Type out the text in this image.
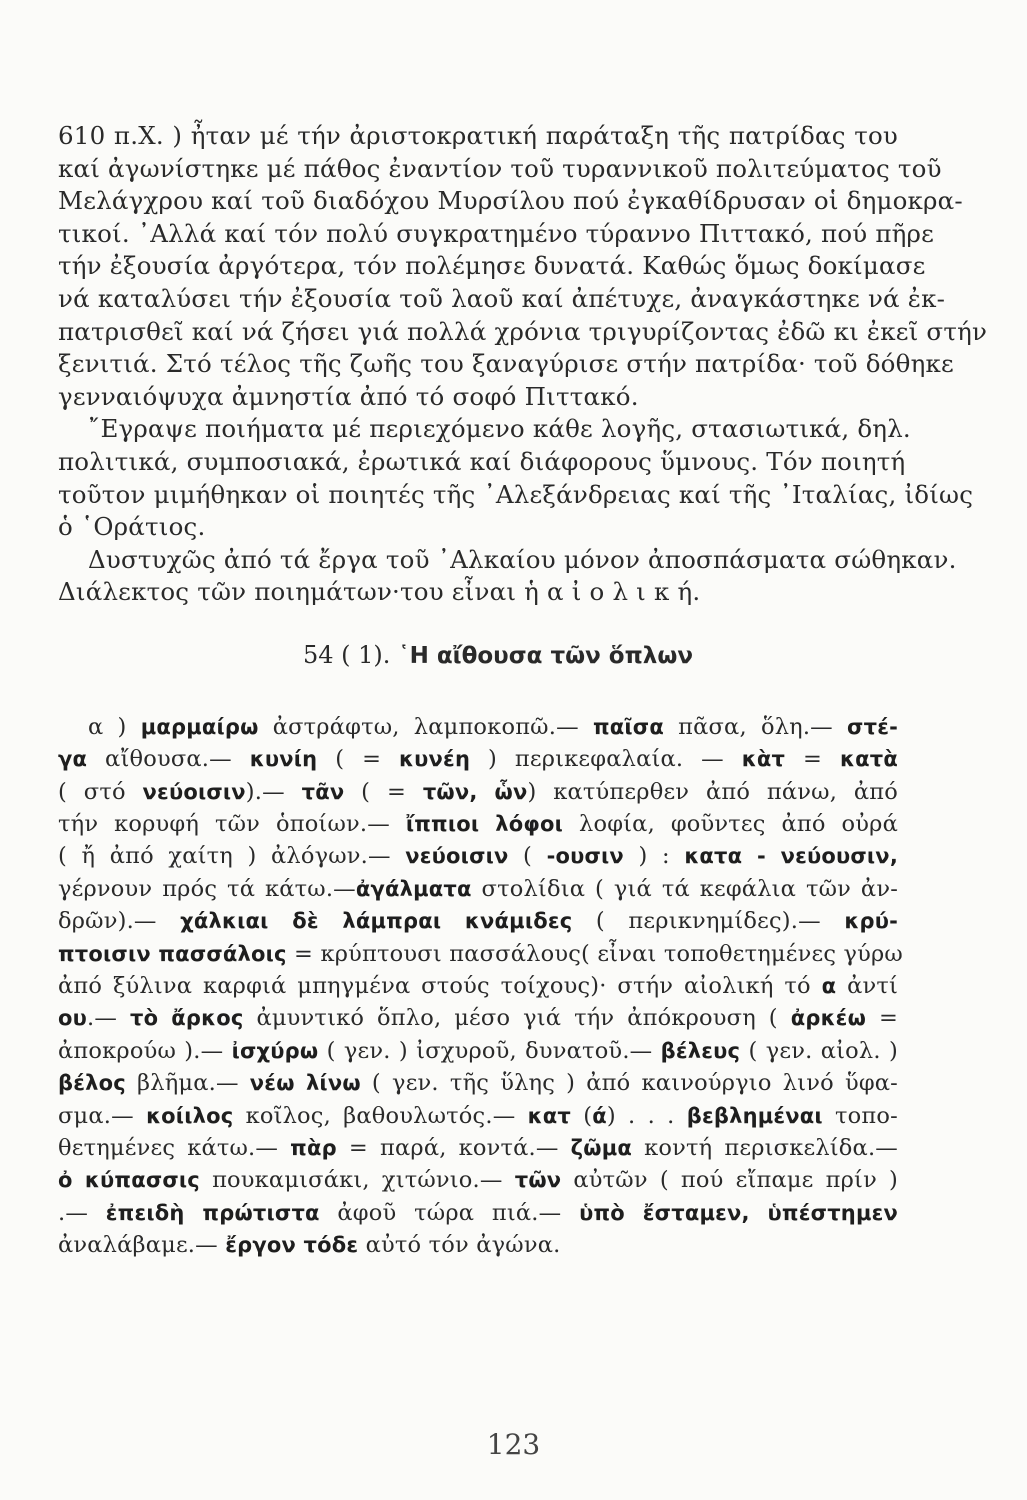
610 π.Χ. ) ἦταν μέ τήν ἀριστοκρατική παράταξη τῆς πατρίδας του
καί ἀγωνίστηκε μέ πάθος ἐναντίον τοῦ τυραννικοῦ πολιτεύματος τοῦ
Μελάγχρου καί τοῦ διαδόχου Μυρσίλου πού ἐγκαθίδρυσαν οἱ δημοκρα-
τικοί. ᾿Αλλά καί τόν πολύ συγκρατημένο τύραννο Πιττακό, πού πῆρε
τήν ἐξουσία ἀργότερα, τόν πολέμησε δυνατά. Καθώς ὅμως δοκίμασε
νά καταλύσει τήν ἐξουσία τοῦ λαοῦ καί ἀπέτυχε, ἀναγκάστηκε νά ἐκ-
πατρισθεῖ καί νά ζήσει γιά πολλά χρόνια τριγυρίζοντας ἐδῶ κι ἐκεῖ στήν
ξενιτιά. Στό τέλος τῆς ζωῆς του ξαναγύρισε στήν πατρίδα· τοῦ δόθηκε
γενναιόψυχα ἀμνηστία ἀπό τό σοφό Πιττακό.
῎Εγραψε ποιήματα μέ περιεχόμενο κάθε λογῆς, στασιωτικά, δηλ.
πολιτικά, συμποσιακά, ἐρωτικά καί διάφορους ὕμνους. Τόν ποιητή
τοῦτον μιμήθηκαν οἱ ποιητές τῆς ᾿Αλεξάνδρειας καί τῆς ᾿Ιταλίας, ἰδίως
ὁ ῾Οράτιος.
Δυστυχῶς ἀπό τά ἔργα τοῦ ᾿Αλκαίου μόνον ἀποσπάσματα σώθηκαν.
Διάλεκτος τῶν ποιημάτων·του εἶναι ἡ α ἰ ο λ ι κ ή.
54 ( 1). ῾Η αἴθουσα τῶν ὅπλων
α ) μαρμαίρω ἀστράφτω, λαμποκοπῶ.— παῖσα πᾶσα, ὅλη.— στέ-
γα αἴθουσα.— κυνίη ( = κυνέη ) περικεφαλαία. — κὰτ = κατὰ
( στό νεύοισιν).— τᾶν ( = τῶν, ὧν) κατύπερθεν ἀπό πάνω, ἀπό
τήν κορυφή τῶν ὁποίων.— ἴππιοι λόφοι λοφία, φοῦντες ἀπό οὐρά
( ἤ ἀπό χαίτη ) ἀλόγων.— νεύοισιν ( -ουσιν ) : κατα - νεύουσιν,
γέρνουν πρός τά κάτω.—ἀγάλματα στολίδια ( γιά τά κεφάλια τῶν ἀν-
δρῶν).— χάλκιαι δὲ λάμπραι κνάμιδες ( περικνημίδες).— κρύ-
πτοισιν πασσάλοις = κρύπτουσι πασσάλους( εἶναι τοποθετημένες γύρω
ἀπό ξύλινα καρφιά μπηγμένα στούς τοίχους)· στήν αἰολική τό α ἀντί
ου.— τὸ ἄρκος ἀμυντικό ὅπλο, μέσο γιά τήν ἀπόκρουση ( ἀρκέω =
ἀποκρούω ).— ἰσχύρω ( γεν. ) ἰσχυροῦ, δυνατοῦ.— βέλευς ( γεν. αἰολ. )
βέλος βλῆμα.— νέω λίνω ( γεν. τῆς ὕλης ) ἀπό καινούργιο λινό ὕφα-
σμα.— κοίιλος κοῖλος, βαθουλωτός.— κατ (ά) . . . βεβλημέναι τοπο-
θετημένες κάτω.— πὰρ = παρά, κοντά.— ζῶμα κοντή περισκελίδα.—
ὀ κύπασσις πουκαμισάκι, χιτώνιο.— τῶν αὐτῶν ( πού εἴπαμε πρίν )
.— ἐπειδὴ πρώτιστα ἀφοῦ τώρα πιά.— ὑπὸ ἔσταμεν, ὑπέστημεν
ἀναλάβαμε.— ἔργον τόδε αὐτό τόν ἀγώνα.
123
